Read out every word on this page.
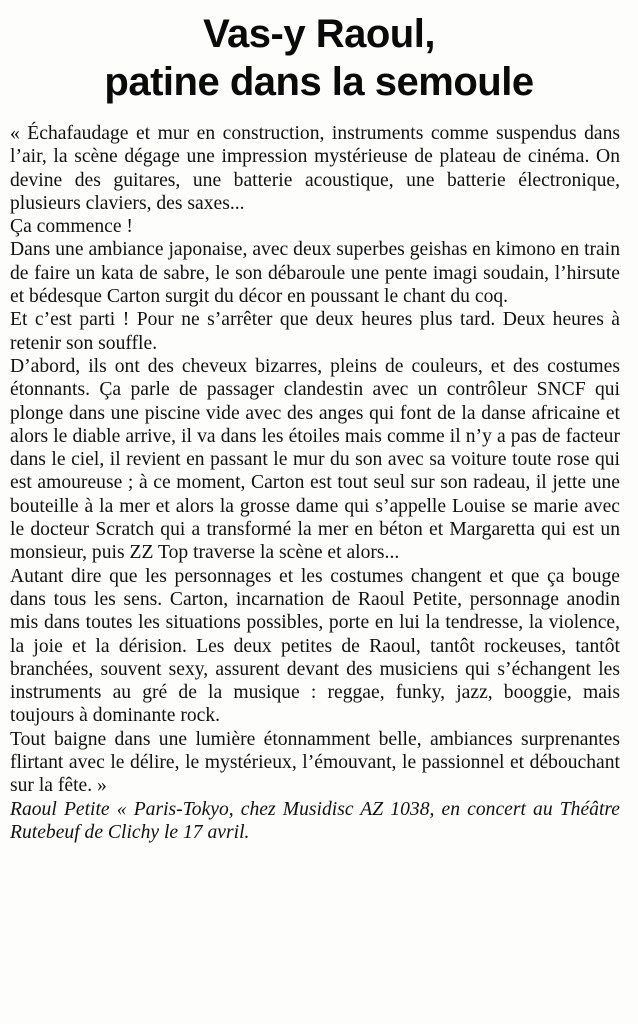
Vas-y Raoul,
patine dans la semoule

« Échafaudage et mur en construction, instruments comme suspendus dans l’air, la scène dégage une impression mystérieuse de plateau de cinéma. On devine des guitares, une batterie acoustique, une batterie électronique, plusieurs claviers, des saxes...

Ça commence !

Dans une ambiance japonaise, avec deux superbes geishas en kimono en train de faire un kata de sabre, le son débaroule une pente imagi soudain, l’hirsute et bédesque Carton surgit du décor en poussant le chant du coq.

Et c’est parti ! Pour ne s’arrêter que deux heures plus tard. Deux heures à retenir son souffle.

D’abord, ils ont des cheveux bizarres, pleins de couleurs, et des costumes étonnants. Ça parle de passager clandestin avec un contrôleur SNCF qui plonge dans une piscine vide avec des anges qui font de la danse africaine et alors le diable arrive, il va dans les étoiles mais comme il n’y a pas de facteur dans le ciel, il revient en passant le mur du son avec sa voiture toute rose qui est amoureuse ; à ce moment, Carton est tout seul sur son radeau, il jette une bouteille à la mer et alors la grosse dame qui s’appelle Louise se marie avec le docteur Scratch qui a transformé la mer en béton et Margaretta qui est un monsieur, puis ZZ Top traverse la scène et alors...

Autant dire que les personnages et les costumes changent et que ça bouge dans tous les sens. Carton, incarnation de Raoul Petite, personnage anodin mis dans toutes les situations possibles, porte en lui la tendresse, la violence, la joie et la dérision. Les deux petites de Raoul, tantôt rockeuses, tantôt branchées, souvent sexy, assurent devant des musiciens qui s’échangent les instruments au gré de la musique : reggae, funky, jazz, booggie, mais toujours à dominante rock.

Tout baigne dans une lumière étonnamment belle, ambiances surprenantes flirtant avec le délire, le mystérieux, l’émouvant, le passionnel et débouchant sur la fête. »

Raoul Petite « Paris-Tokyo, chez Musidisc AZ 1038, en concert au Théâtre Rutebeuf de Clichy le 17 avril.
